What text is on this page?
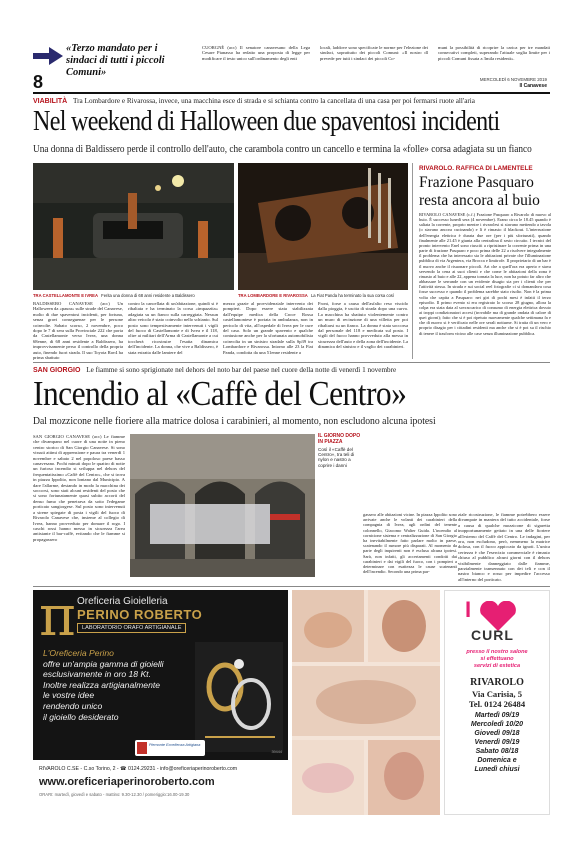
«Terzo mandato per i sindaci di tutti i piccoli Comuni»
CUORGNÈ (acc) Il senatore canavesano della Lega Cesare Pianasso ha redatto una proposta di legge per modificare il testo unico sull'ordinamento degli enti
locali, laddove sono specificate le norme per l'elezione dei sindaci, soprattutto dei piccoli Comuni: «Il nostro dl prevede per tutti i sindaci dei piccoli Co-
muni la possibilità di ricoprire la carica per tre mandati consecutivi completi, superando l'attuale soglia limite per i piccoli Comuni fissata a 3mila residenti».
8	MERCOLEDÌ 6 NOVEMBRE 2019
Il Canavese
VIABILITÀ Tra Lombardore e Rivarossa, invece, una macchina esce di strada e si schianta contro la cancellata di una casa per poi fermarsi ruote all'aria
Nel weekend di Halloween due spaventosi incidenti
Una donna di Baldissero perde il controllo dell'auto, che carambola contro un cancello e termina la «folle» corsa adagiata su un fianco
TRA CASTELLAMONTE E IVREA Ferita una donna di 68 anni residente a Baldissero	TRA LOMBARDORE E RIVAROSSA La Fiat Panda ha terminato la sua corsa così
BALDISSERO CANAVESE (acc) Un Halloween da «paura» sulle strade del Canavese, molto di due spaventosi incidenti, per fortuna, senza gravi conseguenze per le persone coinvolte. Sabato scorso, 2 novembre, poco dopo le 7 di sera sulla Provinciale 222 che porta da Castellamonte verso Ivrea, una donna 68enne, di 68 anni residente a Baldissero, ha improvvisamente perso il controllo della propria auto, finendo fuori strada. Il suo Toyota Rav4 ha prima sbattuto
contro la cancellata di un'abitazione, quindi si è ribaltata e ha terminato la corsa «impazzita» adagiata su un fianco sulla carreggiata. Nessun altro veicolo è stato coinvolto nello schianto. Sul posto sono tempestivamente intervenuti i vigili del fuoco di Castellamonte e di Ivrea e il 118, oltre ai militari dell'Arma di Castellamonte a cui toccherà ricostruire l'esatta dinamica dell'incidente. La donna, che vive a Baldissero, è stata estratta dalle lamiere del
mezzo grazie al provvidenziale intervento dei pompieri. Dopo essere stata stabilizzata dall'equipe medica della Croce Rossa castellamontese è portata in ambulanza, non in pericolo di vita, all'ospedale di Ivrea per le cure del caso. Solo un grande spavento e qualche contusione anche per la sfortunata automobilista coinvolta in un sinistro stradale sulla Sp39 tra Lombardore e Rivarossa. Intorno alle 23 la Fiat Panda, condotta da una 51enne residente a
Front, forse a causa dell'asfalto reso viscido dalla pioggia, è uscita di strada dopo una curva. La macchina ha sbattuto violentemente contro un muro di recinzione di una villetta per poi ribaltarsi su un fianco. La donna è stata soccorsa dal personale del 118 e medicata sul posto. I vigili del fuoco hanno provveduto alla messa in sicurezza dell'auto e della zona dell'incidente. La dinamica del sinistro e il vaglio dei carabinieri.
RIVAROLO. RAFFICA DI LAMENTELE
Frazione Pasquaro resta ancora al buio
RIVAROLO CANAVESE (c.f.) Frazione Pasquaro a Rivarolo di nuovo al buio. È successo lunedì sera (4 novembre). Erano circa le 18.45 quando è saltata la corrente, proprio mentre i rivarolesi si stavano mettendo a tavola (o stavano ancora cucinando) e lì è rimasto il blackout. L'interruzione dell'energia elettrica è durata due ore (per i più sfortunati), quando finalmente alle 21.45 è giunta alla centralina il sesto circuito. I tecnici del pronto intervento Enel sono riusciti a ripristinare la corrente prima in una parte di frazione Pasquaro e poco prima delle 22 a risolvere integralmente il problema che ha interessato sia le abitazioni private che l'illuminazione pubblica di via Argentera, via Brocca e limitrofe. Il proprietario di un bar è il nuovo anche il risuonare piccoli. Art che a quell'ora era aperto e stava servendo la cena ai suoi clienti e che come le abitazioni della zona è rimasto al buio e alle 22, appena tornata la luce, non ha potuto far altro che abbassare le serrande con un evidente disagio sia per i clienti che per l'attività stessa. In strada e sui social reel fotografie ci si domandava cosa fosse successo e quando il problema sarebbe stato risolto. Non è la prima volta che capita a Pasquaro: nei giri di pochi mesi è infatti il terzo episodio. Il primo evento si era registrato lo scorso 28 giugno, allora la colpa era stata data al sovraccarico di consumo di energia elettrica dovuto ai troppi condizionatori accesi (trovabile ma di grande ondata di calore di quei giorni); fatto che si è poi ripetuto nuovamente qualche settimana fa e che di nuovo si è verificato nelle ore serali notturne. Si tratta di un vero e proprio disagio per i cittadini residenti ma anche che si è poi su il rischio di tenere il trasform vicino alle case senza illuminazione pubblica.
SAN GIORGIO Le fiamme si sono sprigionate nel dehors del noto bar del paese nel cuore della notte di venerdì 1 novembre
Incendio al «Caffè del Centro»
Dal mozzicone nelle fioriere alla matrice dolosa i carabinieri, al momento, non escludono alcuna ipotesi
SAN GIORGIO CANAVESE (acc) Le fiamme che divampano nel cuore di una notte in pieno centro storico di San Giorgio Canavese. Si sono vissuti attimi di apprensione e paura tra venerdì 1 novembre e sabato 2 nel popoloso paese basso canavesano. Pochi minuti dopo le quattro di notte un furioso incendio si sviluppa nel dehors del frequentatissimo «Caffè del Centro», che si trova in piazza Ippolito, non lontano dal Municipio. A dare l'allarme, destando in modo la macchina dei soccorsi, sono stati alcuni residenti del posto che si sono fortunatamente quasi subito accorti del denso fumo che penetrava da sotto l'edegame porticato sangiorgese. Sul posto sono intervenuti a sirene spiegate di posta i vigili del fuoco di Rivarolo Canavese che, insieme al collegio di Ivrea, hanno provveduto per domare il rogo. I caschi rossi hanno messo in sicurezza l'area antistante il bar-caffè, evitando che le fiamme si propagassero
IL GIORNO DOPO IN PIAZZA
Così il «Caffè del Centro», tra teli di nylon e nastro a coprire i danni
gassero alle abitazioni vicine. In piazza Ippolito sono arrivate anche le volanti dei carabinieri della compagnia di Ivrea, agli ordini del tenente colonnello, Giacomo Walter Guida. L'incendio al cornicione sistema e centralizzazione di San Giorgio ha inevitabilmente fatto parlare molto in paese, scatenando il rumore più disparati. Al momento da parte degli inquirenti non è esclusa alcuna ipotesi. Sarà, non infatti, gli accertamenti condotti dai carabinieri e dai vigili del fuoco, con i pompieri a determinare con esattezza le cause scatenanti dell'incendio. Secondo una prima par-
ziale ricostruzione, le fiamme potrebbero essere divampate in maniera del tutto accidentale, forse a causa di qualche mozzicone di sigaretta inopportunamente gettato in una delle fioriere all'esterno del Caffè del Centro. Le indagini, per ora, non escludono, però, nemmeno la matrice dolosa, con il fuoco appiccato da ignoti. L'unica certezza è che l'esercizio commerciale è rimasto chiuso al pubblico alcuni giorni con il dehors visibilmente danneggiato dalle fiamme, parzialmente transennato con dei teli e con il nastro bianco e rosso per impedire l'accesso all'interno del porticato.
π Oreficeria Gioielleria
PERINO ROBERTO
LABORATORIO ORAFO ARTIGIANALE
L'Oreficeria Perino
offre un'ampia gamma di gioielli
esclusivamente in oro 18 Kt.
Inoltre realizza artigianalmente
le vostre idee
rendendo unico
il gioiello desiderato
Piemonte Eccellenza Artigiana
39444
RIVAROLO C.SE - C.so Torino, 2 - ☎ 0124.29231 - info@oreficeriaperinoroberto.com
www.oreficeriaperinoroberto.com
ORARI: martedì, giovedì e sabato - mattino: 9.30-12.30 / pomeriggio:16.00-19.30
I
CURL
presso il nostro salone
si effettuano
servizi di estetica
RIVAROLO
Via Carisia, 5
Tel. 0124 26484
Martedì 09/19
Mercoledì 10/20
Giovedì 09/18
Venerdì 09/19
Sabato 08/18
Domenica e
Lunedì chiusi
